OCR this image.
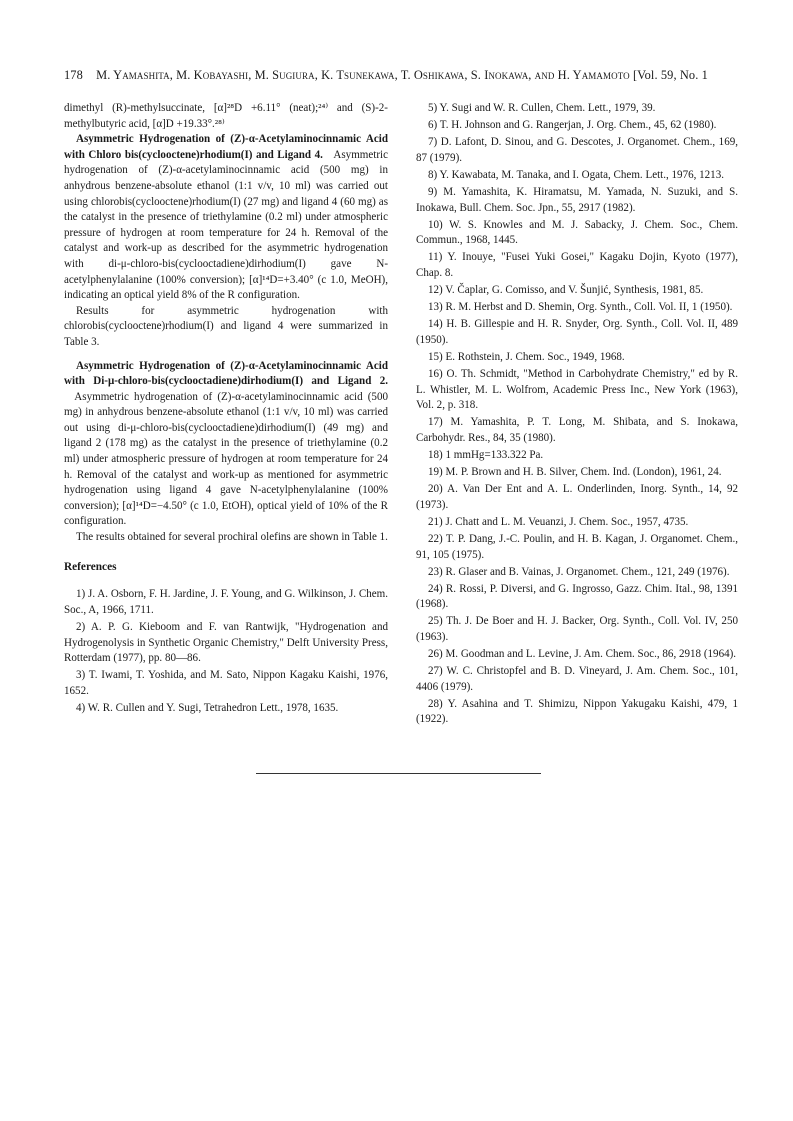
178 M. Yamashita, M. Kobayashi, M. Sugiura, K. Tsunekawa, T. Oshikawa, S. Inokawa, and H. Yamamoto [Vol. 59, No. 1

dimethyl (R)-methylsuccinate, [α]²⁸D +6.11° (neat);²⁴⁾ and (S)-2-methylbutyric acid, [α]D +19.33°.²⁸⁾

Asymmetric Hydrogenation of (Z)-α-Acetylaminocinnamic Acid with Chloro bis(cyclooctene)rhodium(I) and Ligand 4. Asymmetric hydrogenation of (Z)-α-acetylaminocinnamic acid (500 mg) in anhydrous benzene-absolute ethanol (1:1 v/v, 10 ml) was carried out using chlorobis(cyclooctene)rhodium(I) (27 mg) and ligand 4 (60 mg) as the catalyst in the presence of triethylamine (0.2 ml) under atmospheric pressure of hydrogen at room temperature for 24 h. Removal of the catalyst and work-up as described for the asymmetric hydrogenation with di-μ-chloro-bis(cyclooctadiene)dirhodium(I) gave N-acetylphenylalanine (100% conversion); [α]¹⁴D=+3.40° (c 1.0, MeOH), indicating an optical yield 8% of the R configuration.

Results for asymmetric hydrogenation with chlorobis(cyclooctene)rhodium(I) and ligand 4 were summarized in Table 3.

Asymmetric Hydrogenation of (Z)-α-Acetylaminocinnamic Acid with Di-μ-chloro-bis(cyclooctadiene)dirhodium(I) and Ligand 2.   Asymmetric hydrogenation of (Z)-α-acetylaminocinnamic acid (500 mg) in anhydrous benzene-absolute ethanol (1:1 v/v, 10 ml) was carried out using di-μ-chloro-bis(cyclooctadiene)dirhodium(I) (49 mg) and ligand 2 (178 mg) as the catalyst in the presence of triethylamine (0.2 ml) under atmospheric pressure of hydrogen at room temperature for 24 h. Removal of the catalyst and work-up as mentioned for asymmetric hydrogenation using ligand 4 gave N-acetylphenylalanine (100% conversion); [α]¹⁴D=−4.50° (c 1.0, EtOH), optical yield of 10% of the R configuration.

The results obtained for several prochiral olefins are shown in Table 1.

References

1) J. A. Osborn, F. H. Jardine, J. F. Young, and G. Wilkinson, J. Chem. Soc., A, 1966, 1711.

2) A. P. G. Kieboom and F. van Rantwijk, "Hydrogenation and Hydrogenolysis in Synthetic Organic Chemistry," Delft University Press, Rotterdam (1977), pp. 80—86.

3) T. Iwami, T. Yoshida, and M. Sato, Nippon Kagaku Kaishi, 1976, 1652.

4) W. R. Cullen and Y. Sugi, Tetrahedron Lett., 1978, 1635.

5) Y. Sugi and W. R. Cullen, Chem. Lett., 1979, 39.

6) T. H. Johnson and G. Rangerjan, J. Org. Chem., 45, 62 (1980).

7) D. Lafont, D. Sinou, and G. Descotes, J. Organomet. Chem., 169, 87 (1979).

8) Y. Kawabata, M. Tanaka, and I. Ogata, Chem. Lett., 1976, 1213.

9) M. Yamashita, K. Hiramatsu, M. Yamada, N. Suzuki, and S. Inokawa, Bull. Chem. Soc. Jpn., 55, 2917 (1982).

10) W. S. Knowles and M. J. Sabacky, J. Chem. Soc., Chem. Commun., 1968, 1445.

11) Y. Inouye, "Fusei Yuki Gosei," Kagaku Dojin, Kyoto (1977), Chap. 8.

12) V. Čaplar, G. Comisso, and V. Šunjić, Synthesis, 1981, 85.

13) R. M. Herbst and D. Shemin, Org. Synth., Coll. Vol. II, 1 (1950).

14) H. B. Gillespie and H. R. Snyder, Org. Synth., Coll. Vol. II, 489 (1950).

15) E. Rothstein, J. Chem. Soc., 1949, 1968.

16) O. Th. Schmidt, "Method in Carbohydrate Chemistry," ed by R. L. Whistler, M. L. Wolfrom, Academic Press Inc., New York (1963), Vol. 2, p. 318.

17) M. Yamashita, P. T. Long, M. Shibata, and S. Inokawa, Carbohydr. Res., 84, 35 (1980).

18) 1 mmHg=133.322 Pa.

19) M. P. Brown and H. B. Silver, Chem. Ind. (London), 1961, 24.

20) A. Van Der Ent and A. L. Onderlinden, Inorg. Synth., 14, 92 (1973).

21) J. Chatt and L. M. Veuanzi, J. Chem. Soc., 1957, 4735.

22) T. P. Dang, J.-C. Poulin, and H. B. Kagan, J. Organomet. Chem., 91, 105 (1975).

23) R. Glaser and B. Vainas, J. Organomet. Chem., 121, 249 (1976).

24) R. Rossi, P. Diversi, and G. Ingrosso, Gazz. Chim. Ital., 98, 1391 (1968).

25) Th. J. De Boer and H. J. Backer, Org. Synth., Coll. Vol. IV, 250 (1963).

26) M. Goodman and L. Levine, J. Am. Chem. Soc., 86, 2918 (1964).

27) W. C. Christopfel and B. D. Vineyard, J. Am. Chem. Soc., 101, 4406 (1979).

28) Y. Asahina and T. Shimizu, Nippon Yakugaku Kaishi, 479, 1 (1922).
